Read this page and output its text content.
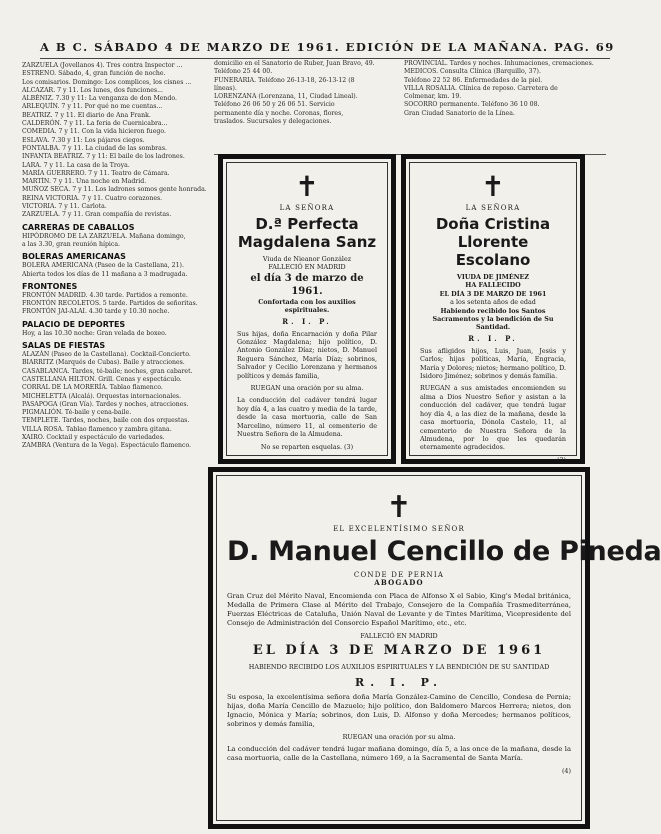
A B C. SÁBADO 4 DE MARZO DE 1961. EDICIÓN DE LA MAÑANA. PAG. 69

ZARZUELA (Jovellanos 4). Tres contra Inspector ...

ESTRENO. Sábado, 4, gran función de noche.

Los comisarios. Domingo: Los complices, los cisnes ...

ALCAZAR. 7 y 11. Los lunes, dos funciones...

ALBÉNIZ. 7.30 y 11: La venganza de don Mendo.

ARLEQUÍN. 7 y 11. Por qué no me cuentas...

BEATRIZ. 7 y 11. El diario de Ana Frank.

CALDERÓN. 7 y 11. La feria de Cuernicabra...

COMEDIA. 7 y 11. Con la vida hicieron fuego.

ESLAVA. 7.30 y 11: Los pájaros ciegos.

FONTALBA. 7 y 11. La ciudad de las sombras.

INFANTA BEATRIZ. 7 y 11: El baile de los ladrones.

LARA. 7 y 11. La casa de la Troya.

MARÍA GUERRERO. 7 y 11. Teatro de Cámara.

MARTÍN. 7 y 11. Una noche en Madrid.

MUÑOZ SECA. 7 y 11. Los ladrones somos gente honrada.

REINA VICTORIA. 7 y 11. Cuatro corazones.

VICTORIA. 7 y 11. Carlota.

ZARZUELA. 7 y 11. Gran compañía de revistas.

CARRERAS DE CABALLOS

HIPÓDROMO DE LA ZARZUELA. Mañana domingo,

a las 3.30, gran reunión hípica.

BOLERAS AMERICANAS

BOLERA AMERICANA (Paseo de la Castellana, 21).

Abierta todos los días de 11 mañana a 3 madrugada.

FRONTONES

FRONTÓN MADRID. 4.30 tarde. Partidos a remonte.

FRONTÓN RECOLETOS. 5 tarde. Partidos de señoritas.

FRONTÓN JAI-ALAI. 4.30 tarde y 10.30 noche.

PALACIO DE DEPORTES

Hoy, a las 10.30 noche: Gran velada de boxeo.

SALAS DE FIESTAS

ALAZÁN (Paseo de la Castellana). Cocktail-Concierto.

BIARRITZ (Marqués de Cubas). Baile y atracciones.

CASABLANCA. Tardes, té-baile; noches, gran cabaret.

CASTELLANA HILTON. Grill. Cenas y espectáculo.

CORRAL DE LA MORERÍA. Tablao flamenco.

MICHELETTA (Alcalá). Orquestas internacionales.

PASAPOGA (Gran Vía). Tardes y noches, atracciones.

PIGMALIÓN. Té-baile y cena-baile.

TEMPLETE. Tardes, noches, baile con dos orquestas.

VILLA ROSA. Tablao flamenco y zambra gitana.

XAIRO. Cocktail y espectáculo de variedades.

ZAMBRA (Ventura de la Vega). Espectáculo flamenco.

domicilio en el Sanatorio de Ruber, Juan Bravo, 49.

Teléfono 25 44 00.

FUNERARIA. Teléfono 26-13-18, 26-13-12 (8

líneas).

LORENZANA (Lorenzana, 11, Ciudad Lineal).

Teléfono 26 06 50 y 26 06 51. Servicio

permanente día y noche. Coronas, flores,

traslados. Sucursales y delegaciones.

PROVINCIAL. Tardes y noches. Inhumaciones, cremaciones.

MEDICOS. Consulta Clínica (Barquillo, 37).

Teléfono 22 52 86. Enfermedades de la piel.

VILLA ROSALIA. Clínica de reposo. Carretera de

Colmenar, km. 19.

SOCORRO permanente. Teléfono 36 10 08.

Gran Ciudad Sanatorio de la Línea.

✝
LA SEÑORA
D.ª Perfecta Magdalena Sanz

Viuda de Nieanor González

FALLECIÓ EN MADRID

el día 3 de marzo de 1961.

Confortada con los auxilios espirituales.

R. I. P.
Sus hijas, doña Encarnación y doña Pilar González Magdalena; hijo político, D. Antonio González Díaz; nietos, D. Manuel Reguera Sánchez, María Díaz; sobrinos, Salvador y Cecilio Lorenzana y hermanos políticos y demás familia,
RUEGAN una oración por su alma.
La conducción del cadáver tendrá lugar hoy día 4, a las cuatro y media de la tarde, desde la casa mortuoria, calle de San Marcelino, número 11, al cementerio de Nuestra Señora de la Almudena.
No se reparten esquelas. (3)
✝
LA SEÑORA
Doña Cristina Llorente Escolano

VIUDA DE JIMÉNEZ

HA FALLECIDO

EL DÍA 3 DE MARZO DE 1961

a los setenta años de edad

Habiendo recibido los Santos Sacramentos y la bendición de Su Santidad.

R. I. P.
Sus afligidos hijos, Luis, Juan, Jesús y Carlos; hijas políticas, María, Engracia, María y Dolores; nietos; hermano político, D. Isidoro Jiménez; sobrinos y demás familia.
RUEGAN a sus amistades encomienden su alma a Dios Nuestro Señor y asistan a la conducción del cadáver, que tendrá lugar hoy día 4, a las diez de la mañana, desde la casa mortuoria, Dónola Castelo, 11, al cementerio de Nuestra Señora de la Almudena, por lo que les quedarán eternamente agradecidos.
(3)
✝
EL EXCELENTÍSIMO SEÑOR
D. Manuel Cencillo de Pineda

CONDE DE PERNIA

ABOGADO

Gran Cruz del Mérito Naval, Encomienda con Placa de Alfonso X el Sabio, King's Medal británica, Medalla de Primera Clase al Mérito del Trabajo, Consejero de la Compañía Trasmediterránea, Fuerzas Eléctricas de Cataluña, Unión Naval de Levante y de Tintes Marítima, Vicepresidente del Consejo de Administración del Consorcio Español Marítimo, etc., etc.
FALLECIÓ EN MADRID
EL DÍA 3 DE MARZO DE 1961
HABIENDO RECIBIDO LOS AUXILIOS ESPIRITUALES Y LA BENDICIÓN DE SU SANTIDAD
R. I. P.
Su esposa, la excelentísima señora doña María González-Camino de Cencillo, Condesa de Pernia; hijas, doña María Cencillo de Mazuelo; hijo político, don Baldomero Marcos Herrera; nietos, don Ignacio, Mónica y María; sobrinos, don Luis, D. Alfonso y doña Mercedes; hermanos políticos, sobrinos y demás familia,
RUEGAN una oración por su alma.
La conducción del cadáver tendrá lugar mañana domingo, día 5, a las once de la mañana, desde la casa mortuoria, calle de la Castellana, número 169, a la Sacramental de Santa María.
(4)
